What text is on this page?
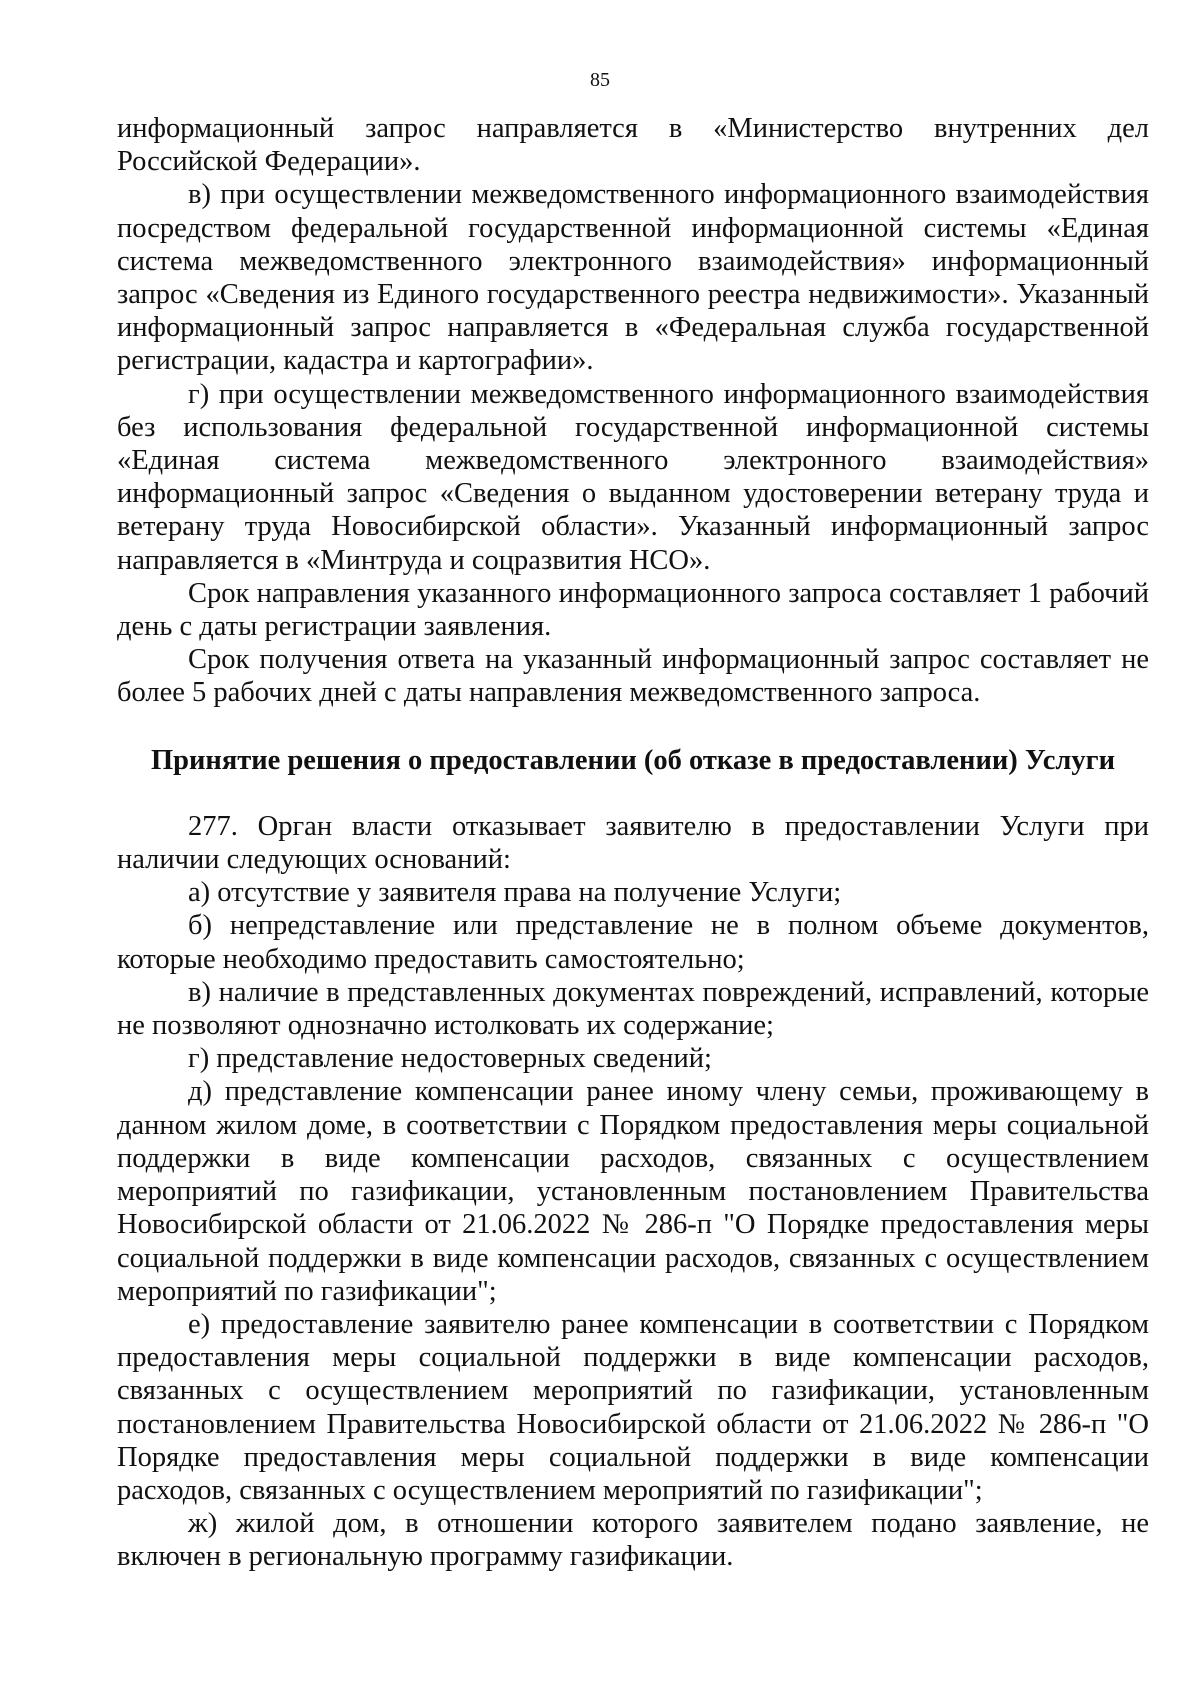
85

информационный запрос направляется в «Министерство внутренних дел Российской Федерации».

в) при осуществлении межведомственного информационного взаимодействия посредством федеральной государственной информационной системы «Единая система межведомственного электронного взаимодействия» информационный запрос «Сведения из Единого государственного реестра недвижимости». Указанный информационный запрос направляется в «Федеральная служба государственной регистрации, кадастра и картографии».

г) при осуществлении межведомственного информационного взаимодействия без использования федеральной государственной информационной системы «Единая система межведомственного электронного взаимодействия» информационный запрос «Сведения о выданном удостоверении ветерану труда и ветерану труда Новосибирской области». Указанный информационный запрос направляется в «Минтруда и соцразвития НСО».

Срок направления указанного информационного запроса составляет 1 рабочий день с даты регистрации заявления.

Срок получения ответа на указанный информационный запрос составляет не более 5 рабочих дней с даты направления межведомственного запроса.

Принятие решения о предоставлении (об отказе в предоставлении) Услуги

277. Орган власти отказывает заявителю в предоставлении Услуги при наличии следующих оснований:

а) отсутствие у заявителя права на получение Услуги;

б) непредставление или представление не в полном объеме документов, которые необходимо предоставить самостоятельно;

в) наличие в представленных документах повреждений, исправлений, которые не позволяют однозначно истолковать их содержание;

г) представление недостоверных сведений;

д) представление компенсации ранее иному члену семьи, проживающему в данном жилом доме, в соответствии с Порядком предоставления меры социальной поддержки в виде компенсации расходов, связанных с осуществлением мероприятий по газификации, установленным постановлением Правительства Новосибирской области от 21.06.2022 № 286-п "О Порядке предоставления меры социальной поддержки в виде компенсации расходов, связанных с осуществлением мероприятий по газификации";

е) предоставление заявителю ранее компенсации в соответствии с Порядком предоставления меры социальной поддержки в виде компенсации расходов, связанных с осуществлением мероприятий по газификации, установленным постановлением Правительства Новосибирской области от 21.06.2022 № 286-п "О Порядке предоставления меры социальной поддержки в виде компенсации расходов, связанных с осуществлением мероприятий по газификации";

ж) жилой дом, в отношении которого заявителем подано заявление, не включен в региональную программу газификации.
